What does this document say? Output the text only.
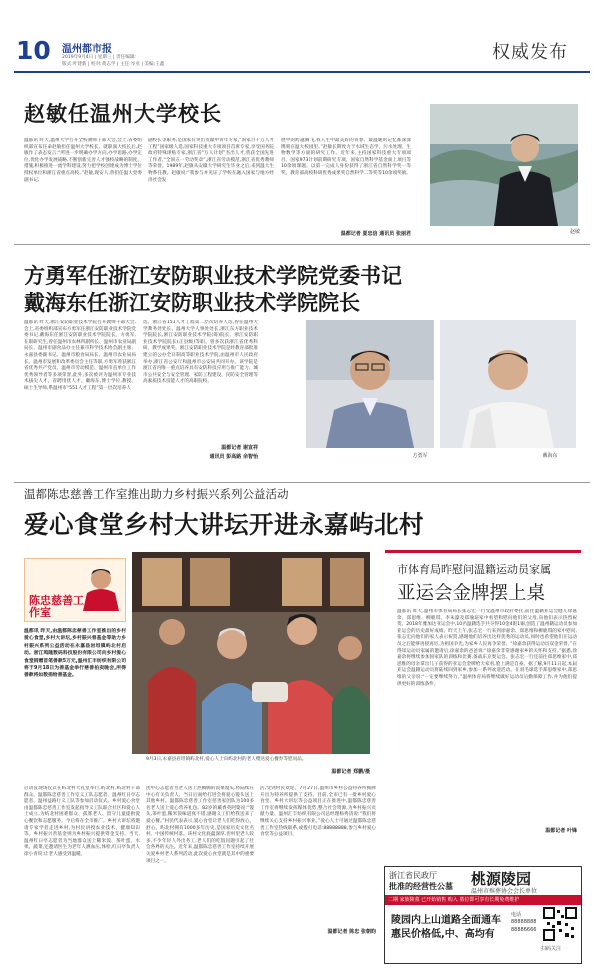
10 温州都市报
2019年9月4日 | 星期三 | 责任编辑:
版式:叶建新 | 校对:黄志学 | 主任:岑亚 | 美编:王鑫
权威发布
赵敏任温州大学校长
温都讯 昨天,温州大学召开全校教师干部大会,会上,省委组织部宣布任命赵敏担任温州大学校长。就职演大校长后,赵敏作了表态发言:“所进一步明确办学方向,办学思路,办学定位,优化办学发展战略,不断创新完善人才强校战略的制度、措施,积极推进一流学科建设,努力把学校创建成为博士学位授权单位和浙江省重点高校。”赵敏,现安人,曾担任温大党委副书记,
副校长等职务,是国家有突出贡献中青年专家,“国家百千万人才工程”国家级人选,国家科技重大专项项目首席专家,享受国务院政府特殊津贴专家,浙江省“万人计划”杰出人才,曾获全国先进工作者,“全国五一劳动奖章”,浙江省劳动模范,浙江省优秀教师等荣誉。1989年,赵敏从安徽大学研究生毕业之后,来到温大生物系任教。赵敏说:“我参与并见证了学校在融入国家与地方经济社会发
展中的跨越腾飞,我人生中最美好的青春、最温暖的记忆都深深镌刻在温大校园里。”赵敏长期致力于水域生态学、污水处理、生物数学等方面的研究工作。近年来,主持国家科技重大专项项目、国家973计划前期研究专项、国家自然科学基金面上项目等10余项课题。以第一完成人身份获得了浙江省自然科学奖一等奖、教育部高校科研优秀成果奖自然科学二等奖等10余项奖励。
温都记者 夏忠信 通讯员 张丽君	赵敏
方勇军任浙江安防职业技术学院党委书记
戴海东任浙江安防职业技术学院院长
温都讯 昨天,浙江安防职业技术学院召开教师干部大会,会上,省委组织部宣布方勇军任浙江安防职业技术学院党委书记,戴海东任浙江安防职业技术学院院长。方勇军,在职研究生,曾任温州市农林所副所长、温州市农业局副局长、温州市副食品办主任兼市科学技术协会副主席、永嘉县委副书记、温州市粮食局局长、温州市农业局局长、温州市发展和改革委员会主任等职,方勇军曾获浙江省优秀共产党员、温州市劳动模范、温州市直单位工作优秀领导者等多项荣誉,此外,多次被评为温州市专业技术拔尖人才、省聘用优人才。戴海东,博士学位,教授、硕士生导师,系温州市“551人才工程”第一层次培养人
选、浙江省151人才工程第二层次培养人选,曾任温州大学教务处处长、温州大学人事处处长,浙江东方职业技术学院院长,浙江安防职业技术学院(筹)院长、浙江安防职业技术学院院长(正县级)等职。曾多次获浙江省优秀科研、教学成果奖。浙江安防职业技术学院是经教育部批准建立的公办全日制高等职业技术学院,由温州市人民政府举办,浙江省公安厅和温州市公安局共同开办。该学院是浙江省内唯一重点培养具有安防科技应用与推广能力、城市公共安全与安全管理、家防工程建设、民防安全管理等高素质技术技能人才的高职院校。
温都记者 谢宣祥
通讯员 彭高路 余智怡	方勇军	戴海东
温都陈忠慈善工作室推出助力乡村振兴系列公益活动
爱心食堂乡村大讲坛开进永嘉屿北村
陈忠慈善工作室
温都讯 昨天,由温都陈忠慈善工作室推出的乡村爱心食堂,乡村大讲坛,乡村振兴普基金等助力乡村振兴系列公益活动在永嘉县岩坦镇屿北村启动。浙江鸣隆数码科技股份有限公司向乡村爱心食堂捐赠首笔善款5万元,温州汇丰纺织有限公司将于9月18日为善基金举行慈善拍卖晚会,所得善款将如数捐给善基金。
9月3日,永嘉县岩坦镇屿北村,爱心人士向屿北村的老人赠送爱心餐券等慰问品。
温都记者 郑鹏/摄
启动仪现场仪式在屿北村大礼堂举行,屿北村,屿北村干部群众、温都陈忠慈善工作室义工队志愿者、温州红日亭志愿者、温州益路行义工队等参加启动仪式。乡村爱心食堂由温都陈忠慈善工作室发起指导义工队联合社区和爱心人士成立,为屿北村困难群众、孤寡老人、留守儿童提供爱心餐饮和志愿服务。今后将在全市推广。乡村大讲坛将邀请专家学者走进乡村,为村民讲授农业技术、健康知识等。乡村振兴善基金则为乡村振兴提供资金支持。当天,温州红日亭志愿者为当地群众送上稀米饭、茶叶蛋、水果、蔬菜,还邀请医生为老年人测血压,体检,红日亭负责人徐小青说:让老人感受到温暖。
团中心志愿者为老人送上热腾腾的饭菜馒头,将陆续在中心有关负责人、当日后面给打进会将爱心馒头送上其他乡村。温都陈忠慈善工作室慈善家团队为100多名老人送上爱心营养礼包。82岁的戴香英阿婆说:“馒头,茶叶蛋,稀米饭味道真不错,感谢义工们给我送来了爱心餐。”村民代表表示,爱心食堂让老人们吃得放心、舒心。屿北村拥有1000多年历史,是国家历史文化名村。中国传统村落。该村文化底蕴深厚,但村里老人较多,不少年轻人外出务工,老人们的吃饭问题引起了社会各界的关注。近年来,温都陈忠慈善工作室持续开展关爱乡村老人系列活动,此次爱心食堂就是其中的重要项目之一。
活,受到村民欢迎。7月27日,温州市乡村公益特养所揭牌开出为特养所提供了支持。目前,全市已有一批乡村爱心食堂、乡村大讲坛等公益项目正在推进中,温都陈忠慈善工作室将继续发挥媒体优势,整合社会资源,为乡村振兴贡献力量。温州汇丰纺织有限公司总经理杨秀清说:“我们将继续关心支持乡村振兴事业。”爱心人士可通过温都陈忠慈善工作室热线联系,或拨打电话:88888888,参与乡村爱心食堂等公益项目。
温都记者 陈忠 张朝昀
市体育局昨慰问温籍运动员家属
亚运会金牌摆上桌
温都讯 昨天,温州市体育局局长张志宏一行受温州市政府委托,前往温籍亚运会健儿徐嘉余、郑思维、柳鹿琪、李朱濠及郑瑜瑄家中看望和慰问他们的父母,向他们表示热烈祝贺。2018年雅加达亚运会中,10名温籍选手共夺得10金4银1铜,创造了温州籍运动员参加亚运会的历史最好成绩。昨天上午,张志宏一行来到徐嘉余、郑思维和柳鹿琪的家中慰问,张志宏向他们的家人表示祝贺,感谢他们培养出这样优秀的运动员,同时也希望他们在运动员之后能够再接再厉,为祖国争光,为家乡人民再争荣誉。“徐嘉余获得运动员双金荣誉。”在得知运动员家属的邀请后,徐嘉余的爸爸说:“徐嘉余非常感谢家乡的关怀和支持。”据悉,徐嘉余将继续参加国家队的训练和比赛,备战东京奥运会。张志宏一行还前往郑思维家中,郑思维的母亲拿出儿子获得的亚运会金牌给大家看,脸上满是自豪。据了解,9月11日起,本届亚运会温籍运动员将陆续回到家乡,参加一系列欢迎活动。在羽毛球选手郑思维家中,郑思维的父亲说:“一定要继续努力。”温州体育局将继续做好运动员后勤保障工作,并为他们提供更好的训练条件。
温都记者 叶锋
浙江省民政厅
批准的经营性公墓 桃源陵园
温州市殡葬协会会长单位
二期 家族陵墓 已开始销售 购入 墓位即可享有长期免费维护
陵园内上山道路全面通车
惠民价格低,中、高均有
电话
88888888
88886666
扫码关注
